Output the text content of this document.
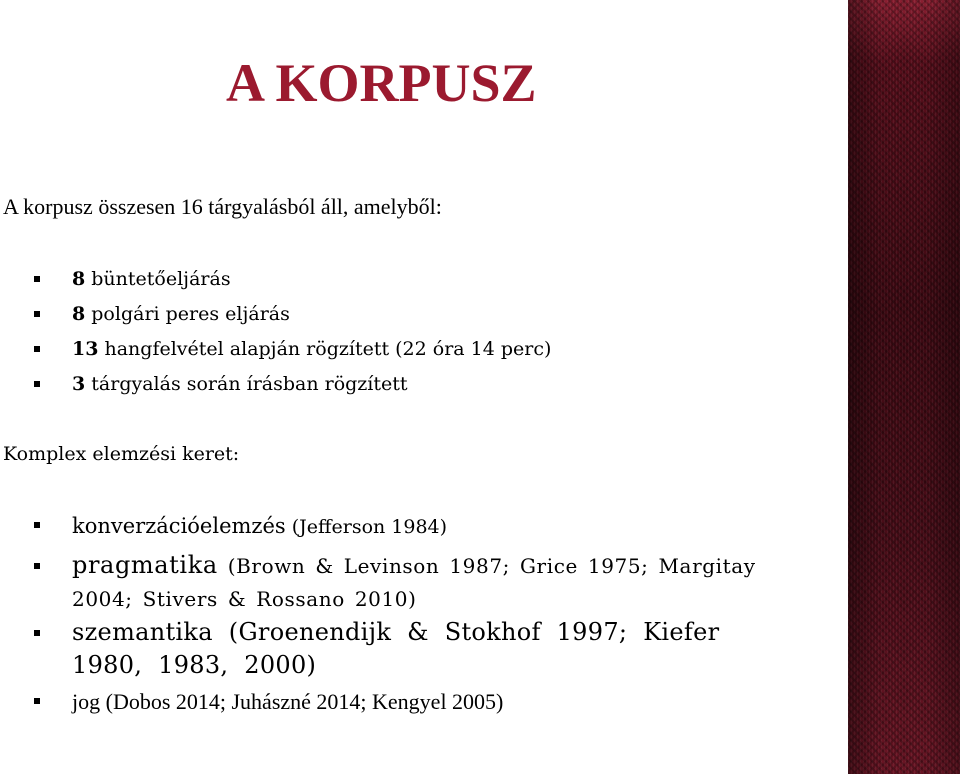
A KORPUSZ

A korpusz összesen 16 tárgyalásból áll, amelyből:

8 büntetőeljárás
8 polgári peres eljárás
13 hangfelvétel alapján rögzített (22 óra 14 perc)
3 tárgyalás során írásban rögzített

Komplex elemzési keret:

konverzációelemzés (Jefferson 1984)
pragmatika (Brown & Levinson 1987; Grice 1975; Margitay 2004; Stivers & Rossano 2010)
szemantika (Groenendijk & Stokhof 1997; Kiefer 1980, 1983, 2000)
jog (Dobos 2014; Juhászné 2014; Kengyel 2005)
